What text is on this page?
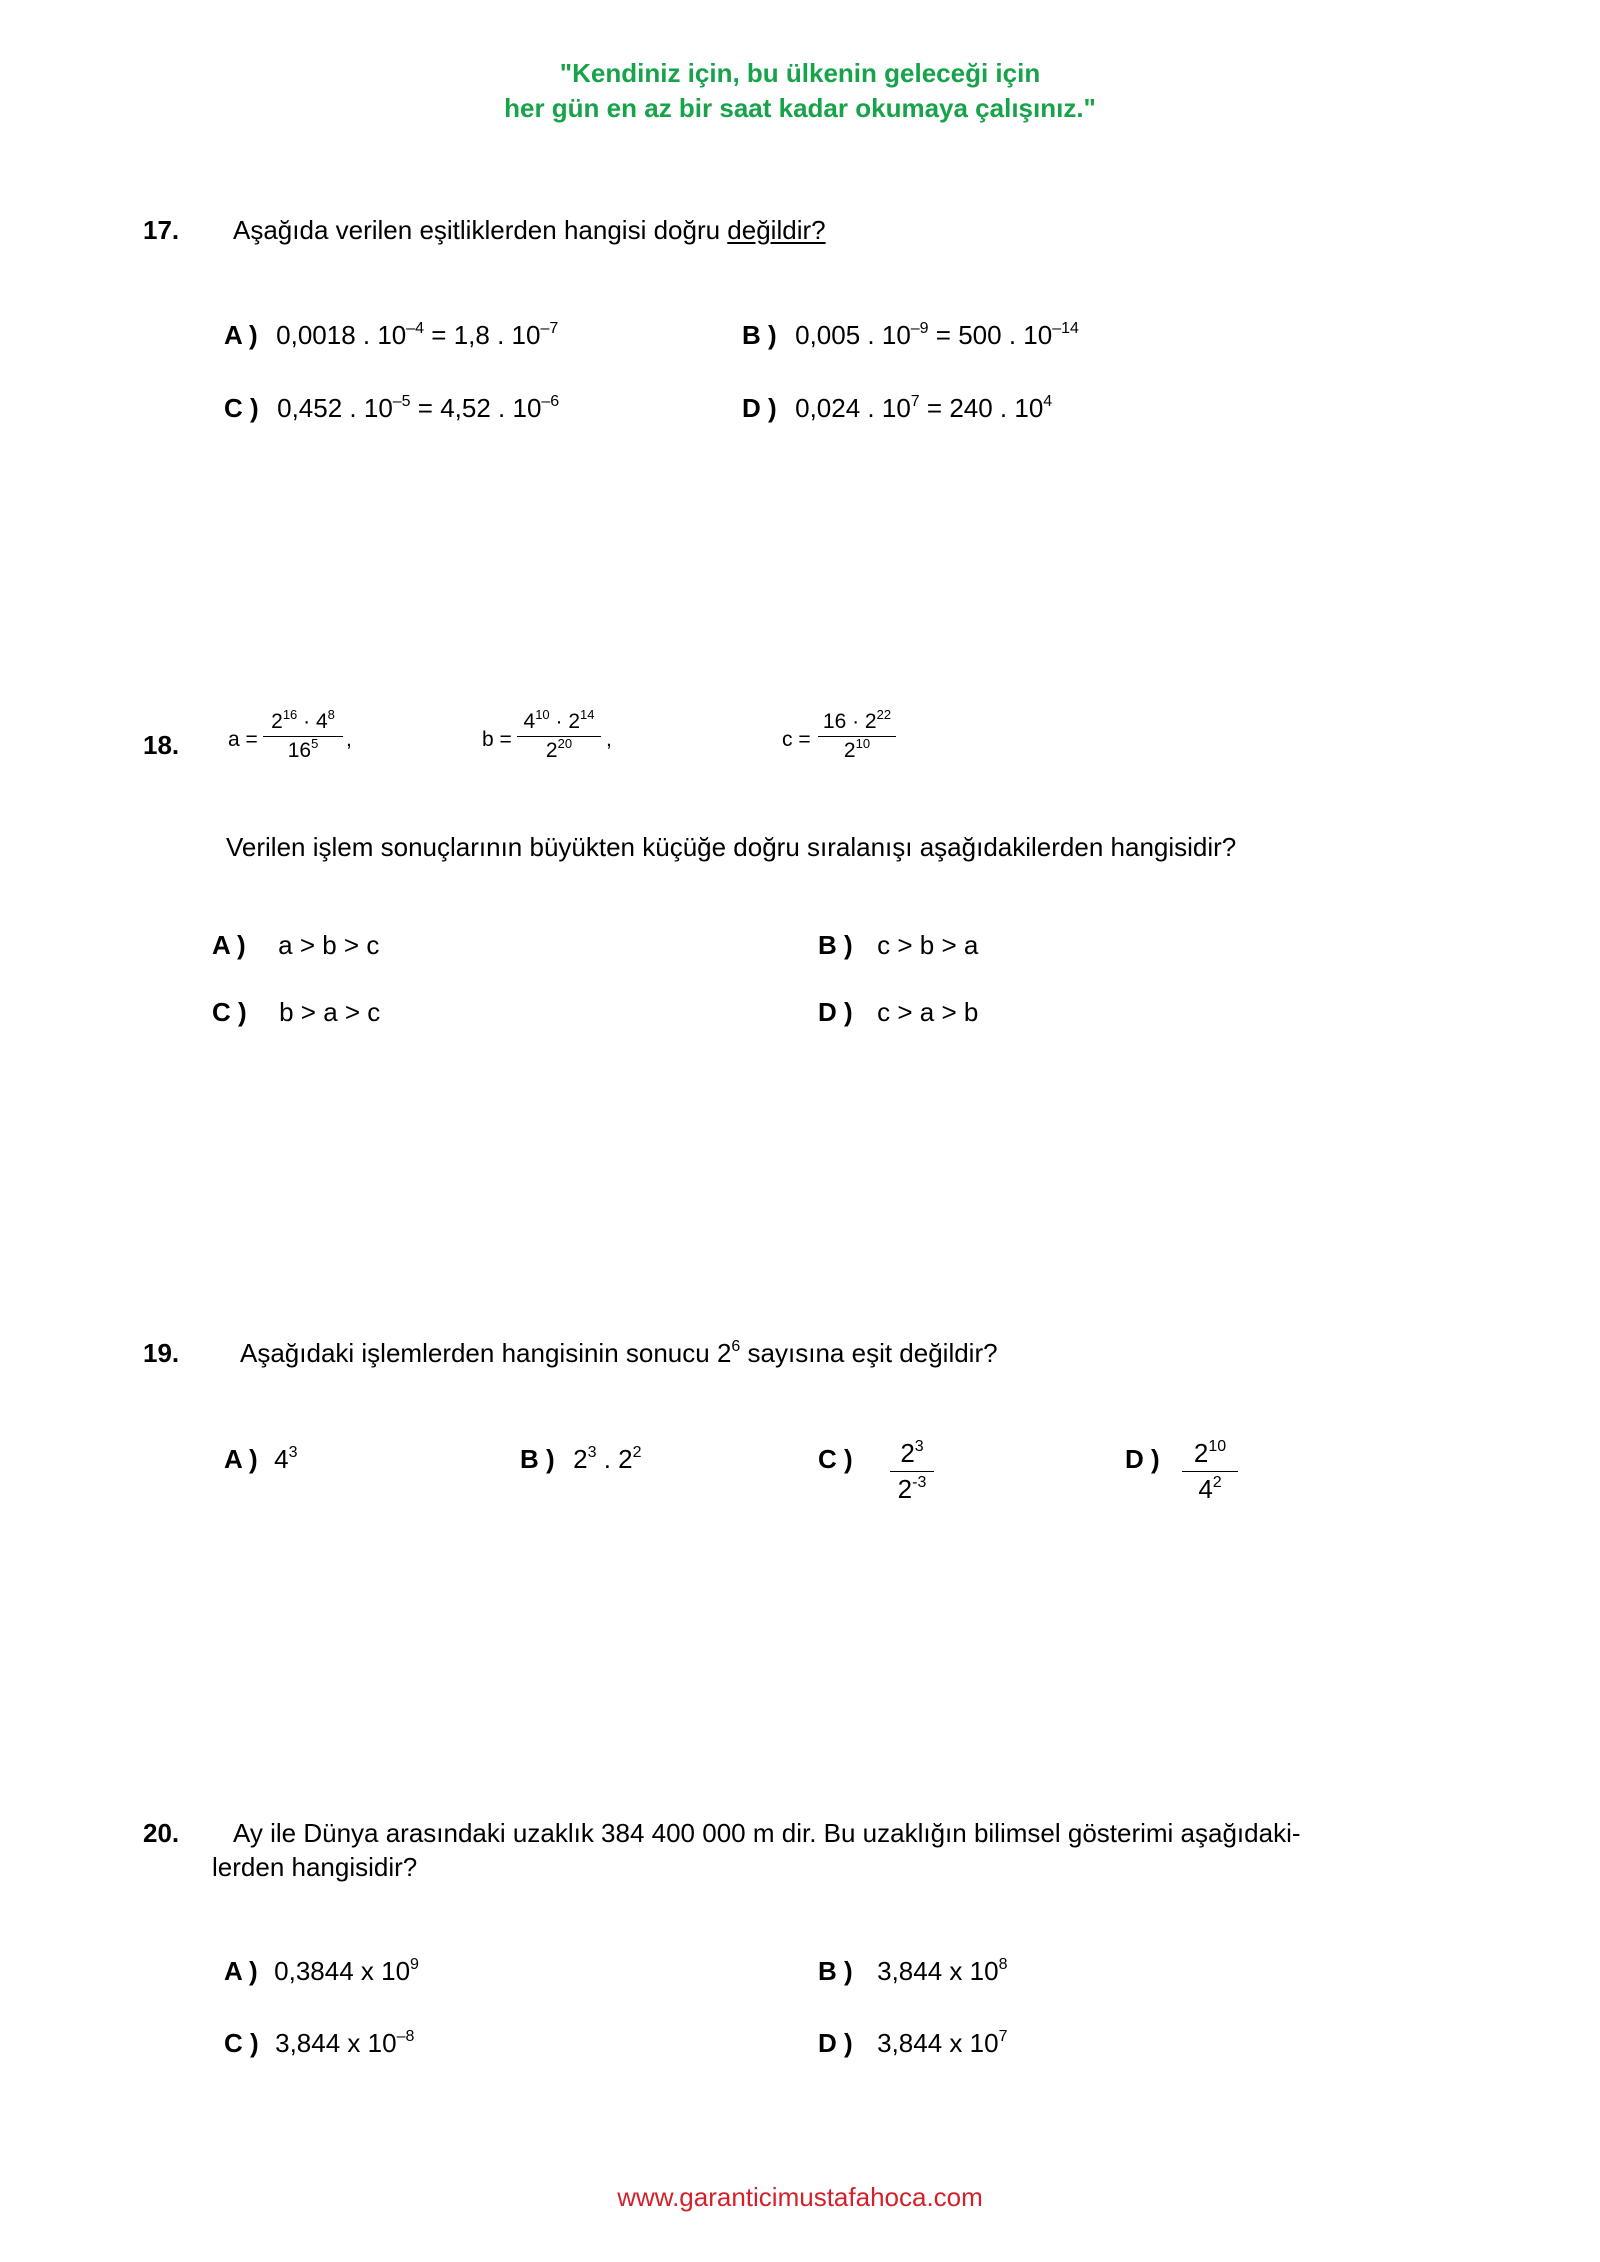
"Kendiniz için, bu ülkenin geleceği için
her gün en az bir saat kadar okumaya çalışınız."
17. Aşağıda verilen eşitliklerden hangisi doğru değildir?
A ) 0,0018 . $10^{-4} = 1,8$ . $10^{-7}$	B ) 0,005 . $10^{-9} = 500$ . $10^{-14}$
C ) 0,452 . $10^{-5} = 4,52$ . $10^{-6}$	D ) 0,024 . $10^7 = 240$ . $10^4$
18. a =
$2^{16} \cdot 4^8$
$16^5$	,	b =
$4^{10} \cdot 2^{14}$
$2^{20}$	,	c =
$16 \cdot 2^{22}$
$2^{10}$
Verilen işlem sonuçlarının büyükten küçüğe doğru sıralanışı aşağıdakilerden hangisidir?
A ) a > b > c	B ) c > b > a
C ) b > a > c	D ) c > a > b
19. Aşağıdaki işlemlerden hangisinin sonucu $2^6$ sayısına eşit değildir?
A ) $4^3$	B ) $2^3$ . $2^2$	C )	$2^3$
$2^{-3}$
D )	$2^{10}$
$4^2$
20. Ay ile Dünya arasındaki uzaklık 384 400 000 m dir. Bu uzaklığın bilimsel gösterimi aşağıdaki-
lerden hangisidir?
A ) 0,3844 x $10^9$	B ) 3,844 x $10^8$
C ) 3,844 x $10^{-8}$	D ) 3,844 x $10^7$
www.garanticimustafahoca.com
